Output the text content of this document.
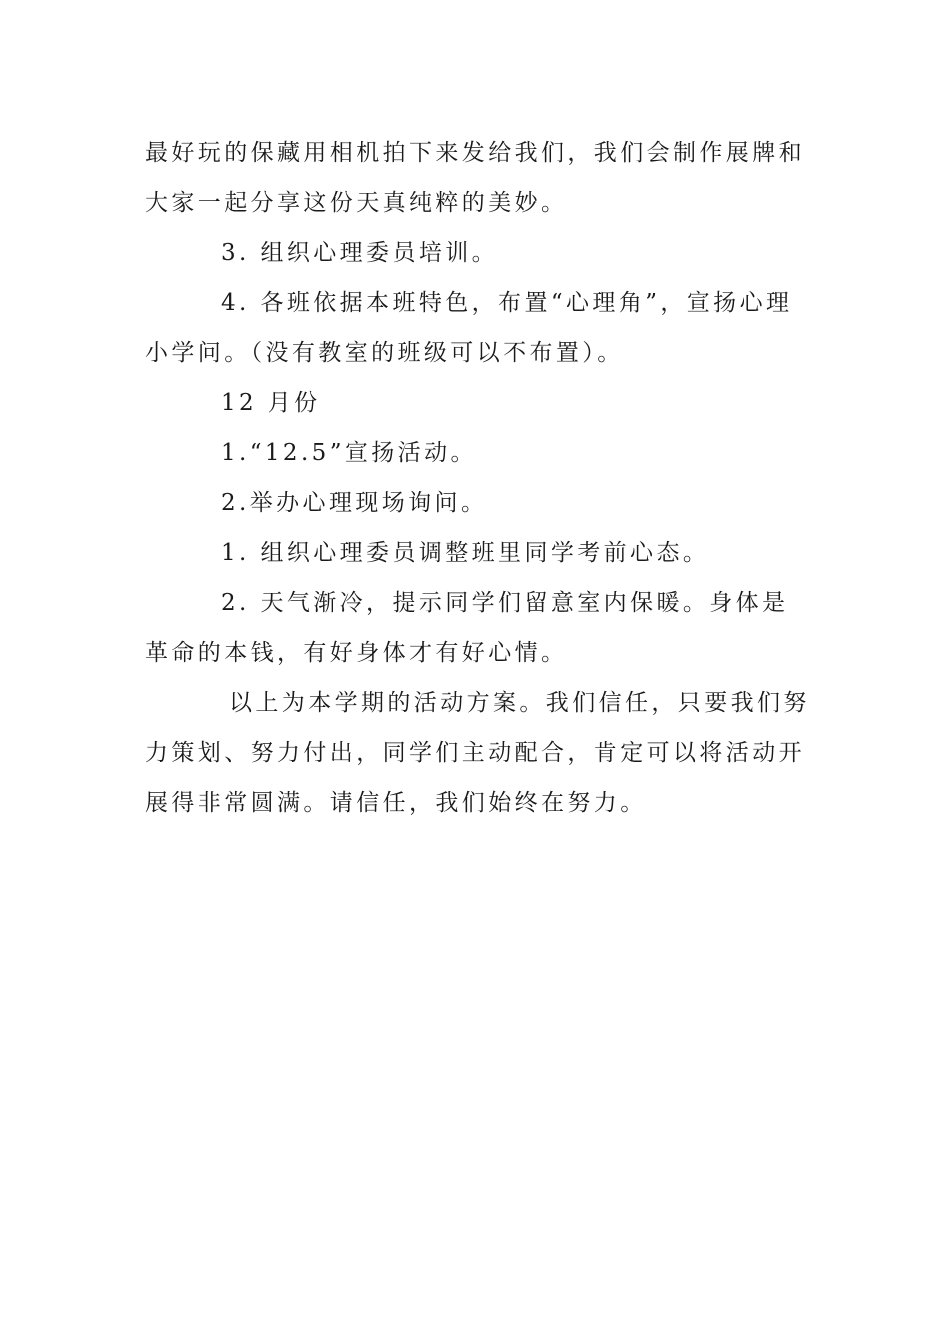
最好玩的保藏用相机拍下来发给我们，我们会制作展牌和大家一起分享这份天真纯粹的美妙。

3. 组织心理委员培训。

4. 各班依据本班特色，布置“心理角”，宣扬心理小学问。（没有教室的班级可以不布置）。

12 月份

1.“12.5”宣扬活动。

2.举办心理现场询问。

1. 组织心理委员调整班里同学考前心态。

2. 天气渐冷，提示同学们留意室内保暖。身体是革命的本钱，有好身体才有好心情。

以上为本学期的活动方案。我们信任，只要我们努力策划、努力付出，同学们主动配合，肯定可以将活动开展得非常圆满。请信任，我们始终在努力。
